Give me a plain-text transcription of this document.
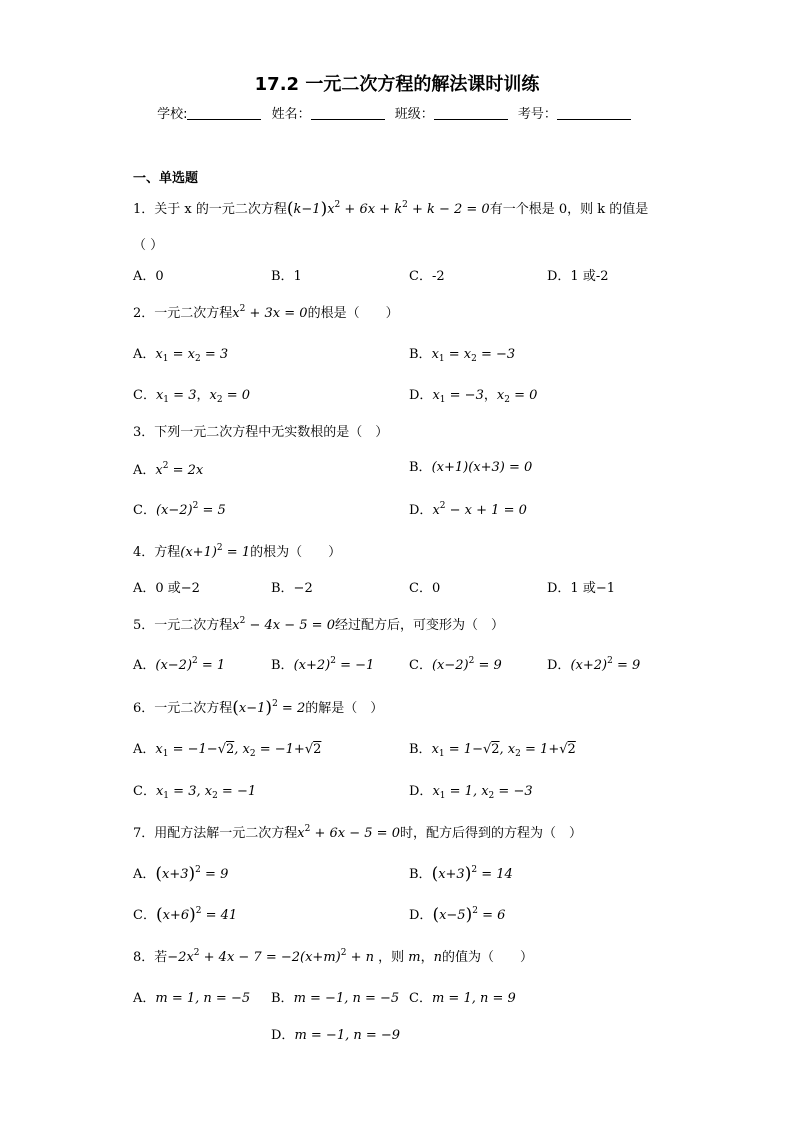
17.2 一元二次方程的解法课时训练
学校:	姓名：	班级：	考号：
一、单选题
1．关于 x 的一元二次方程$(k-1)x^2 + 6x + k^2 + k - 2 = 0$有一个根是 0，则 k 的值是
（ ）
A．0	B．1	C．-2	D．1 或-2
2．一元二次方程$x^2 + 3x = 0$的根是（　　）
A．$x_1 = x_2 = 3$	B．$x_1 = x_2 = -3$
C．$x_1 = 3$，$x_2 = 0$	D．$x_1 = -3$，$x_2 = 0$
3．下列一元二次方程中无实数根的是（　）
A．$x^2 = 2x$	B．(x+1)(x+3) = 0
C．$(x-2)^2 = 5$	D．$x^2 - x + 1 = 0$
4．方程$(x+1)^2 = 1$的根为（　　）
A．0 或−2	B．−2	C．0	D．1 或−1
5．一元二次方程$x^2 - 4x - 5 = 0$经过配方后，可变形为（　）
A．$(x-2)^2 = 1$	B．$(x+2)^2 = -1$	C．$(x-2)^2 = 9$	D．$(x+2)^2 = 9$
6．一元二次方程$(x-1)^2 = 2$的解是（　）
A．$x_1 = -1-√2$, $x_2 = -1+√2$	B．$x_1 = 1-√2$, $x_2 = 1+√2$
C．$x_1 = 3$, $x_2 = -1$	D．$x_1 = 1$, $x_2 = -3$
7．用配方法解一元二次方程$x^2 + 6x - 5 = 0$时，配方后得到的方程为（　）
A．$(x+3)^2 = 9$	B．$(x+3)^2 = 14$
C．$(x+6)^2 = 41$	D．$(x-5)^2 = 6$
8．若$-2x^2 + 4x - 7 = -2(x+m)^2 + n$ ，则 m，n的值为（　　）
A．m = 1, n = −5 B．m = −1, n = −5 C．m = 1, n = 9
D．m = −1, n = −9
